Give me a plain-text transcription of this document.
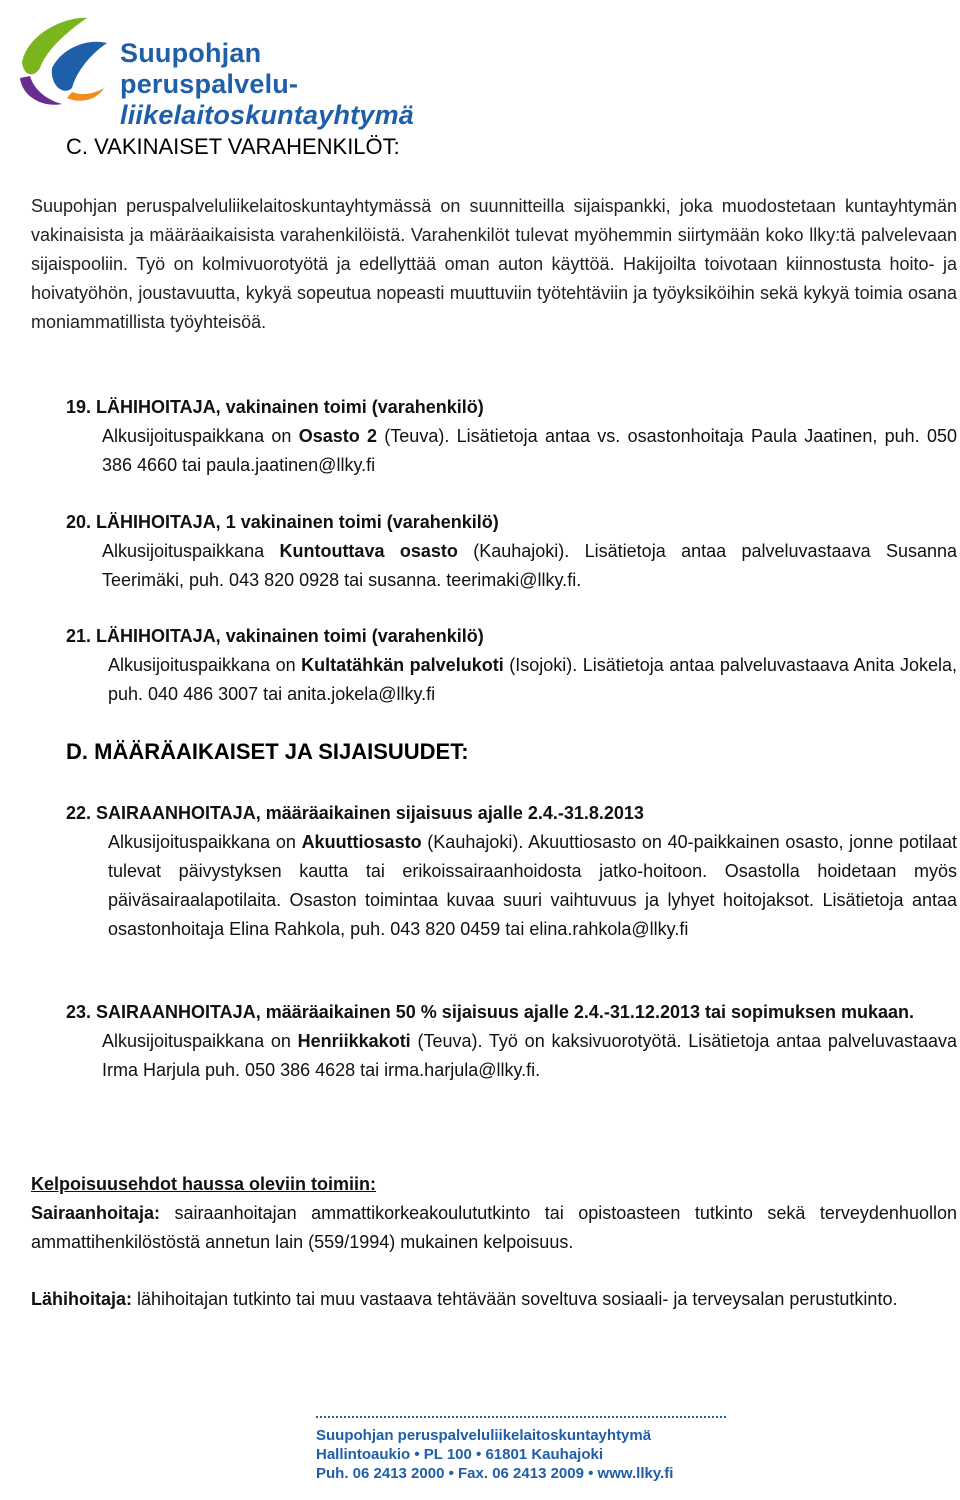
Suupohjan peruspalvelu-
liikelaitoskuntayhtymä
C. VAKINAISET VARAHENKILÖT:
Suupohjan peruspalveluliikelaitoskuntayhtymässä on suunnitteilla sijaispankki, joka muodostetaan kuntayhtymän vakinaisista ja määräaikaisista varahenkilöistä. Varahenkilöt tulevat myöhemmin siirtymään koko llky:tä palvelevaan sijaispooliin. Työ on kolmivuorotyötä ja edellyttää oman auton käyttöä. Hakijoilta toivotaan kiinnostusta hoito- ja hoivatyöhön, joustavuutta, kykyä sopeutua nopeasti muuttuviin työtehtäviin ja työyksiköihin sekä kykyä toimia osana moniammatillista työyhteisöä.
19. LÄHIHOITAJA, vakinainen toimi (varahenkilö)
Alkusijoituspaikkana on Osasto 2 (Teuva). Lisätietoja antaa vs. osastonhoitaja Paula Jaatinen, puh. 050 386 4660 tai paula.jaatinen@llky.fi
20. LÄHIHOITAJA, 1 vakinainen toimi (varahenkilö)
Alkusijoituspaikkana Kuntouttava osasto (Kauhajoki). Lisätietoja antaa palveluvastaava Susanna Teerimäki, puh. 043 820 0928 tai susanna. teerimaki@llky.fi.
21. LÄHIHOITAJA, vakinainen toimi (varahenkilö)
Alkusijoituspaikkana on Kultatähkän palvelukoti (Isojoki). Lisätietoja antaa palveluvastaava Anita Jokela, puh. 040 486 3007 tai anita.jokela@llky.fi
D. MÄÄRÄAIKAISET JA SIJAISUUDET:
22. SAIRAANHOITAJA, määräaikainen sijaisuus ajalle 2.4.-31.8.2013
Alkusijoituspaikkana on Akuuttiosasto (Kauhajoki). Akuuttiosasto on 40-paikkainen osasto, jonne potilaat tulevat päivystyksen kautta tai erikoissairaanhoidosta jatko-hoitoon. Osastolla hoidetaan myös päiväsairaalapotilaita. Osaston toimintaa kuvaa suuri vaihtuvuus ja lyhyet hoitojaksot. Lisätietoja antaa osastonhoitaja Elina Rahkola, puh. 043 820 0459 tai elina.rahkola@llky.fi
23. SAIRAANHOITAJA, määräaikainen 50 % sijaisuus ajalle 2.4.-31.12.2013 tai sopimuksen mukaan.
Alkusijoituspaikkana on Henriikkakoti (Teuva). Työ on kaksivuorotyötä. Lisätietoja antaa palveluvastaava Irma Harjula puh. 050 386 4628 tai irma.harjula@llky.fi.
Kelpoisuusehdot haussa oleviin toimiin:
Sairaanhoitaja: sairaanhoitajan ammattikorkeakoulututkinto tai opistoasteen tutkinto sekä terveydenhuollon ammattihenkilöstöstä annetun lain (559/1994) mukainen kelpoisuus.
Lähihoitaja: lähihoitajan tutkinto tai muu vastaava tehtävään soveltuva sosiaali- ja terveysalan perustutkinto.
Suupohjan peruspalveluliikelaitoskuntayhtymä
Hallintoaukio • PL 100 • 61801 Kauhajoki
Puh. 06 2413 2000 • Fax. 06 2413 2009 • www.llky.fi
